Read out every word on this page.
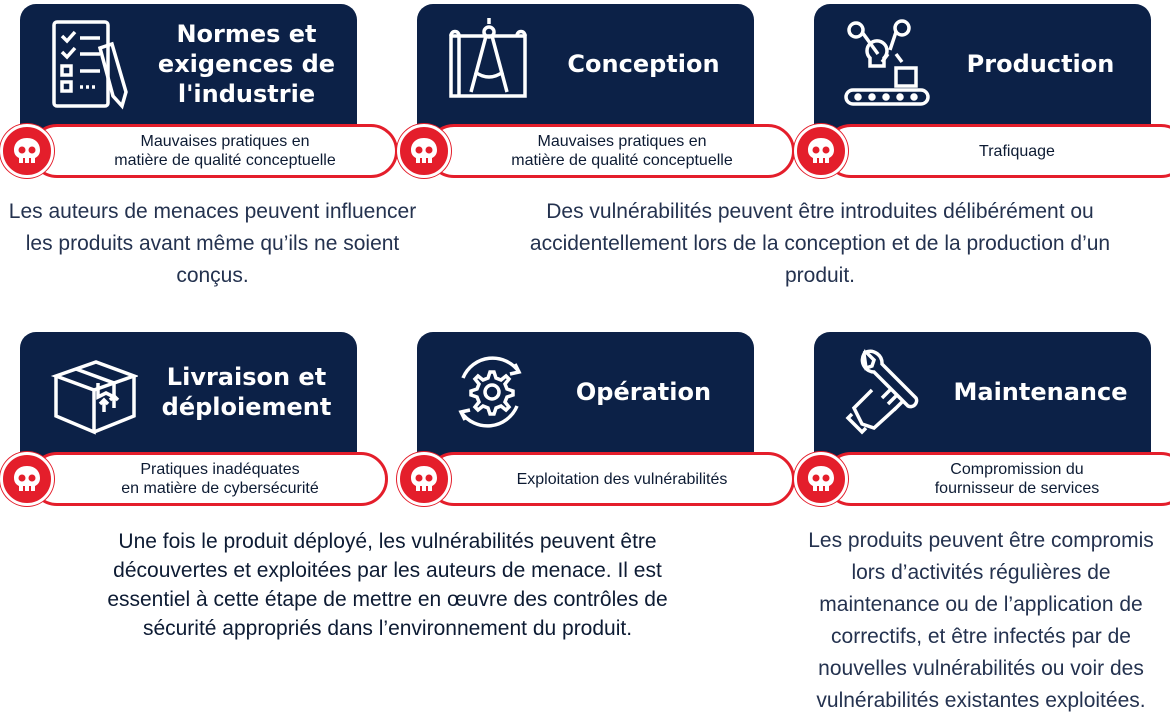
Normes et
exigences de
l'industrie
Mauvaises pratiques en
matière de qualité conceptuelle
Conception
Mauvaises pratiques en
matière de qualité conceptuelle
Production
Trafiquage
Les auteurs de menaces peuvent influencer les produits avant même qu’ils ne soient conçus.
Des vulnérabilités peuvent être introduites délibérément ou accidentellement lors de la conception et de la production d’un produit.
Livraison et
déploiement
Pratiques inadéquates
en matière de cybersécurité
Opération
Exploitation des vulnérabilités
Maintenance
Compromission du
fournisseur de services
Une fois le produit déployé, les vulnérabilités peuvent être découvertes et exploitées par les auteurs de menace. Il est essentiel à cette étape de mettre en œuvre des contrôles de sécurité appropriés dans l’environnement du produit.
Les produits peuvent être compromis lors d’activités régulières de maintenance ou de l’application de correctifs, et être infectés par de nouvelles vulnérabilités ou voir des vulnérabilités existantes exploitées.
